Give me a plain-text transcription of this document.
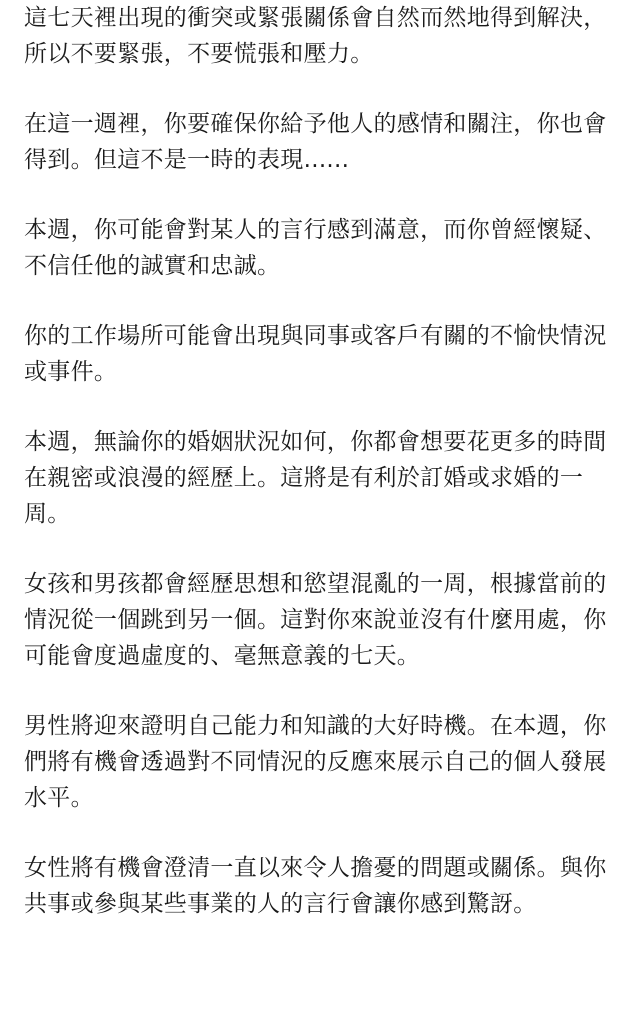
這七天裡出現的衝突或緊張關係會自然而然地得到解決，所以不要緊張，不要慌張和壓力。

在這一週裡，你要確保你給予他人的感情和關注，你也會得到。但這不是一時的表現......

本週，你可能會對某人的言行感到滿意，而你曾經懷疑、不信任他的誠實和忠誠。

你的工作場所可能會出現與同事或客戶有關的不愉快情況或事件。

本週，無論你的婚姻狀況如何，你都會想要花更多的時間在親密或浪漫的經歷上。這將是有利於訂婚或求婚的一周。

女孩和男孩都會經歷思想和慾望混亂的一周，根據當前的情況從一個跳到另一個。這對你來說並沒有什麼用處，你可能會度過虛度的、毫無意義的七天。

男性將迎來證明自己能力和知識的大好時機。在本週，你們將有機會透過對不同情況的反應來展示自己的個人發展水平。

女性將有機會澄清一直以來令人擔憂的問題或關係。與你共事或參與某些事業的人的言行會讓你感到驚訝。
